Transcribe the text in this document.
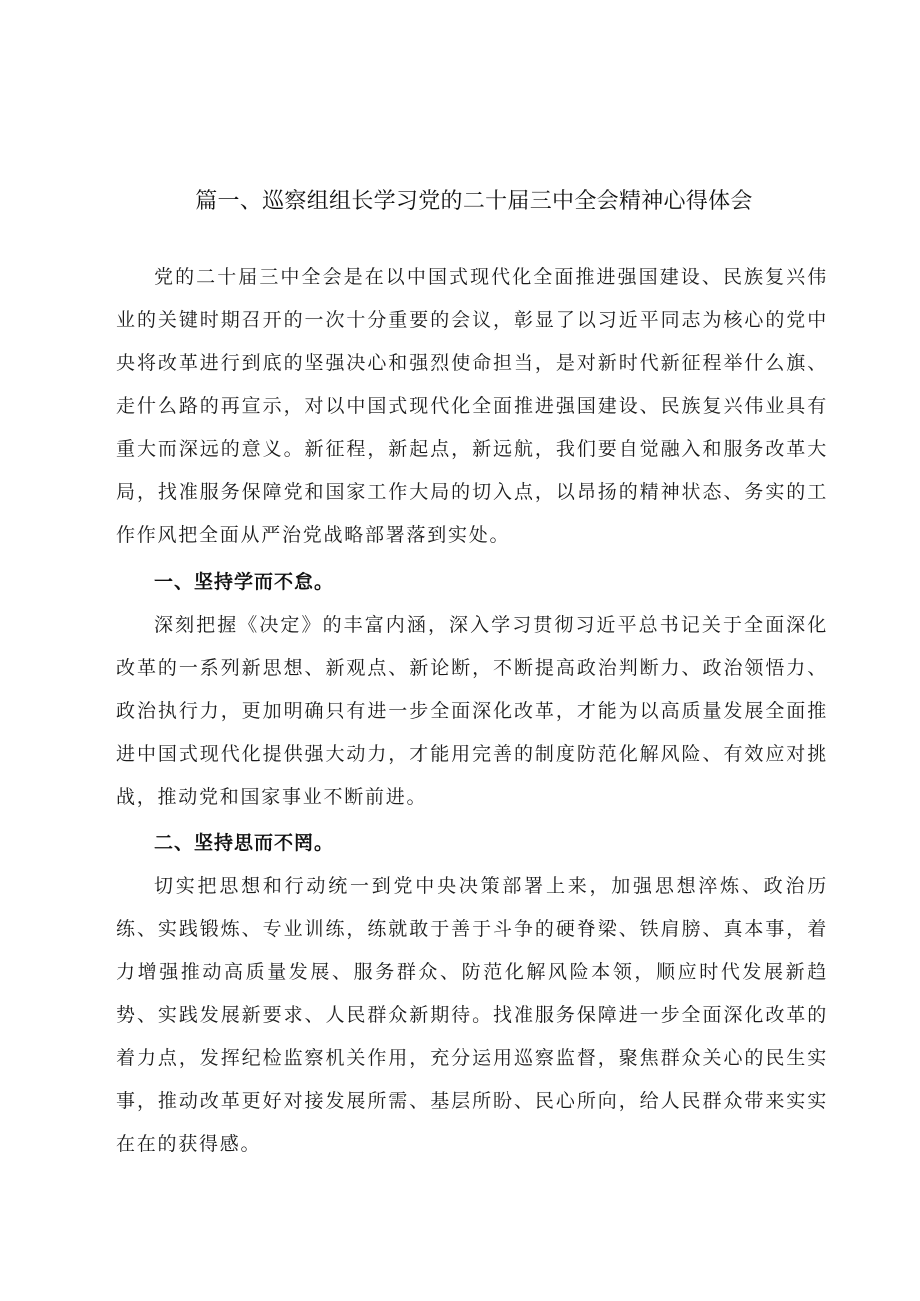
篇一、巡察组组长学习党的二十届三中全会精神心得体会

党的二十届三中全会是在以中国式现代化全面推进强国建设、民族复兴伟业的关键时期召开的一次十分重要的会议，彰显了以习近平同志为核心的党中央将改革进行到底的坚强决心和强烈使命担当，是对新时代新征程举什么旗、走什么路的再宣示，对以中国式现代化全面推进强国建设、民族复兴伟业具有重大而深远的意义。新征程，新起点，新远航，我们要自觉融入和服务改革大局，找准服务保障党和国家工作大局的切入点，以昂扬的精神状态、务实的工作作风把全面从严治党战略部署落到实处。

一、坚持学而不怠。

深刻把握《决定》的丰富内涵，深入学习贯彻习近平总书记关于全面深化改革的一系列新思想、新观点、新论断，不断提高政治判断力、政治领悟力、政治执行力，更加明确只有进一步全面深化改革，才能为以高质量发展全面推进中国式现代化提供强大动力，才能用完善的制度防范化解风险、有效应对挑战，推动党和国家事业不断前进。

二、坚持思而不罔。

切实把思想和行动统一到党中央决策部署上来，加强思想淬炼、政治历练、实践锻炼、专业训练，练就敢于善于斗争的硬脊梁、铁肩膀、真本事，着力增强推动高质量发展、服务群众、防范化解风险本领，顺应时代发展新趋势、实践发展新要求、人民群众新期待。找准服务保障进一步全面深化改革的着力点，发挥纪检监察机关作用，充分运用巡察监督，聚焦群众关心的民生实事，推动改革更好对接发展所需、基层所盼、民心所向，给人民群众带来实实在在的获得感。
